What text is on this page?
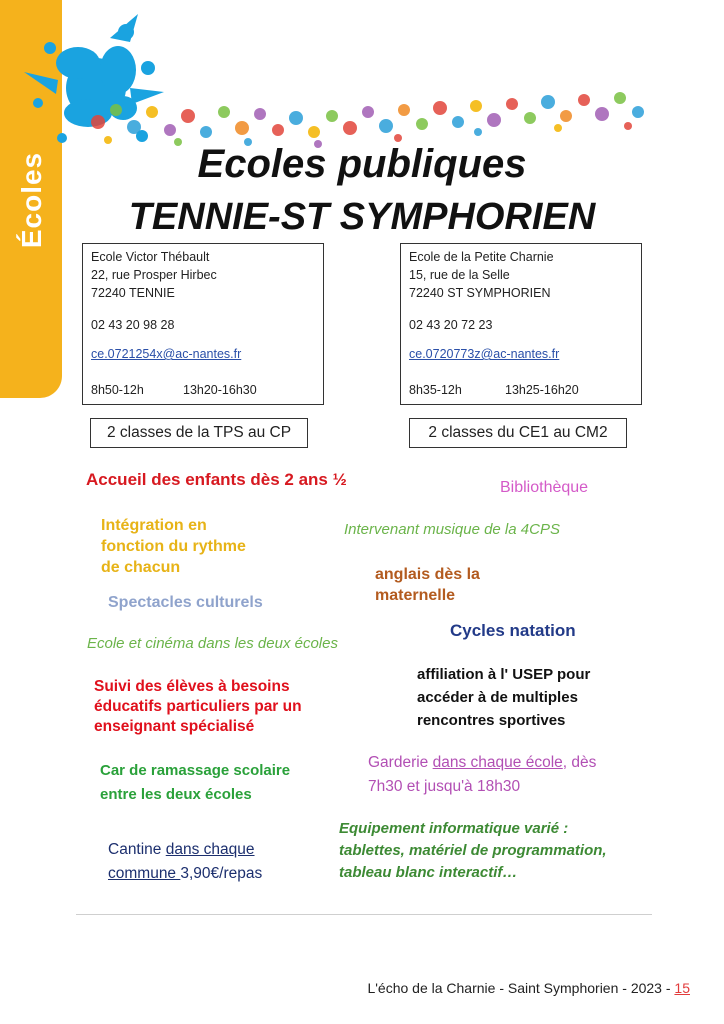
Écoles	Ecoles publiques
TENNIE-ST SYMPHORIEN
Ecole Victor Thébault
22, rue Prosper Hirbec
72240 TENNIE
02 43 20 98 28
ce.0721254x@ac-nantes.fr
8h50-12h	13h20-16h30
Ecole de la Petite Charnie
15, rue de la Selle
72240 ST SYMPHORIEN
02 43 20 72 23
ce.0720773z@ac-nantes.fr
8h35-12h	13h25-16h20
2 classes de la TPS au CP	2 classes du CE1 au CM2
Accueil des enfants dès 2 ans ½	Bibliothèque
Intégration en
fonction du rythme
de chacun
Intervenant musique de la 4CPS
anglais dès la
maternelle
Spectacles culturels
Ecole et cinéma dans les deux écoles
Cycles natation
affiliation à l' USEP pour
accéder à de multiples
rencontres sportives
Suivi des élèves à besoins
éducatifs particuliers par un
enseignant spécialisé
Garderie dans chaque école, dès
7h30 et jusqu'à 18h30
Car de ramassage scolaire
entre les deux écoles
Equipement informatique varié :
tablettes, matériel de programmation,
tableau blanc interactif…
Cantine dans chaque
commune 3,90€/repas
L'écho de la Charnie - Saint Symphorien - 2023 - 15
